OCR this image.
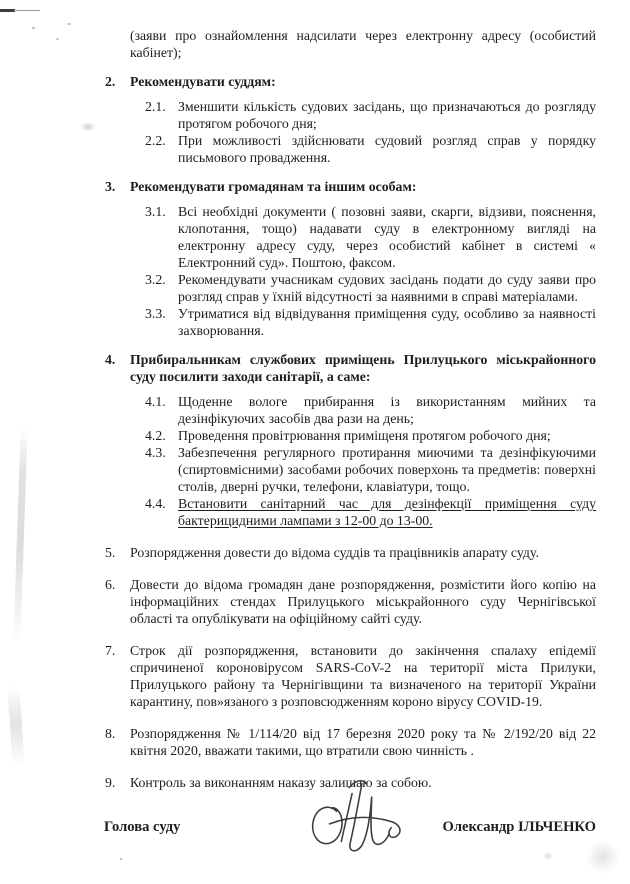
(заяви про ознайомлення надсилати через електронну адресу (особистий кабінет);

2.	Рекомендувати суддям:
2.1. Зменшити кількість судових засідань, що призначаються до розгляду протягом робочого дня;
2.2. При можливості здійснювати судовий розгляд справ у порядку письмового провадження.
3.	Рекомендувати громадянам та іншим особам:
3.1. Всі необхідні документи ( позовні заяви, скарги, відзиви, пояснення, клопотання, тощо) надавати суду в електронному вигляді на електронну адресу суду, через особистий кабінет в системі « Електронний суд». Поштою, факсом.
3.2. Рекомендувати учасникам судових засідань подати до суду заяви про розгляд справ у їхній відсутності за наявними в справі матеріалами.
3.3. Утриматися від відвідування приміщення суду, особливо за наявності захворювання.
4.	Прибиральникам службових приміщень Прилуцького міськрайонного суду посилити заходи санітарії, а саме:
4.1. Щоденне вологе прибирання із використанням мийних та дезінфікуючих засобів два рази на день;
4.2. Проведення провітрювання приміщеня протягом робочого дня;
4.3. Забезпечення регулярного протирання миючими та дезінфікуючими (спиртовмісними) засобами робочих поверхонь та предметів: поверхні столів, дверні ручки, телефони, клавіатури, тощо.
4.4. Встановити санітарний час для дезінфекції приміщення суду бактерицидними лампами з 12-00 до 13-00.
5.	Розпорядження довести до відома суддів та працівників апарату суду.
6.	Довести до відома громадян дане розпорядження, розмістити його копію на інформаційних стендах Прилуцького міськрайонного суду Чернігівської області та опублікувати на офіційному сайті суду.
7.	Строк дії розпорядження, встановити до закінчення спалаху епідемії спричиненої короновірусом SARS-CoV-2 на території міста Прилуки, Прилуцького району та Чернігівщини та визначеного на території України карантину, пов»язаного з розповсюдженням короно вірусу COVID-19.
8.	Розпорядження № 1/114/20 від 17 березня 2020 року та № 2/192/20 від 22 квітня 2020, вважати такими, що втратили свою чинність .
9.	Контроль за виконанням наказу залишаю за собою.
Голова суду	Олександр ІЛЬЧЕНКО
